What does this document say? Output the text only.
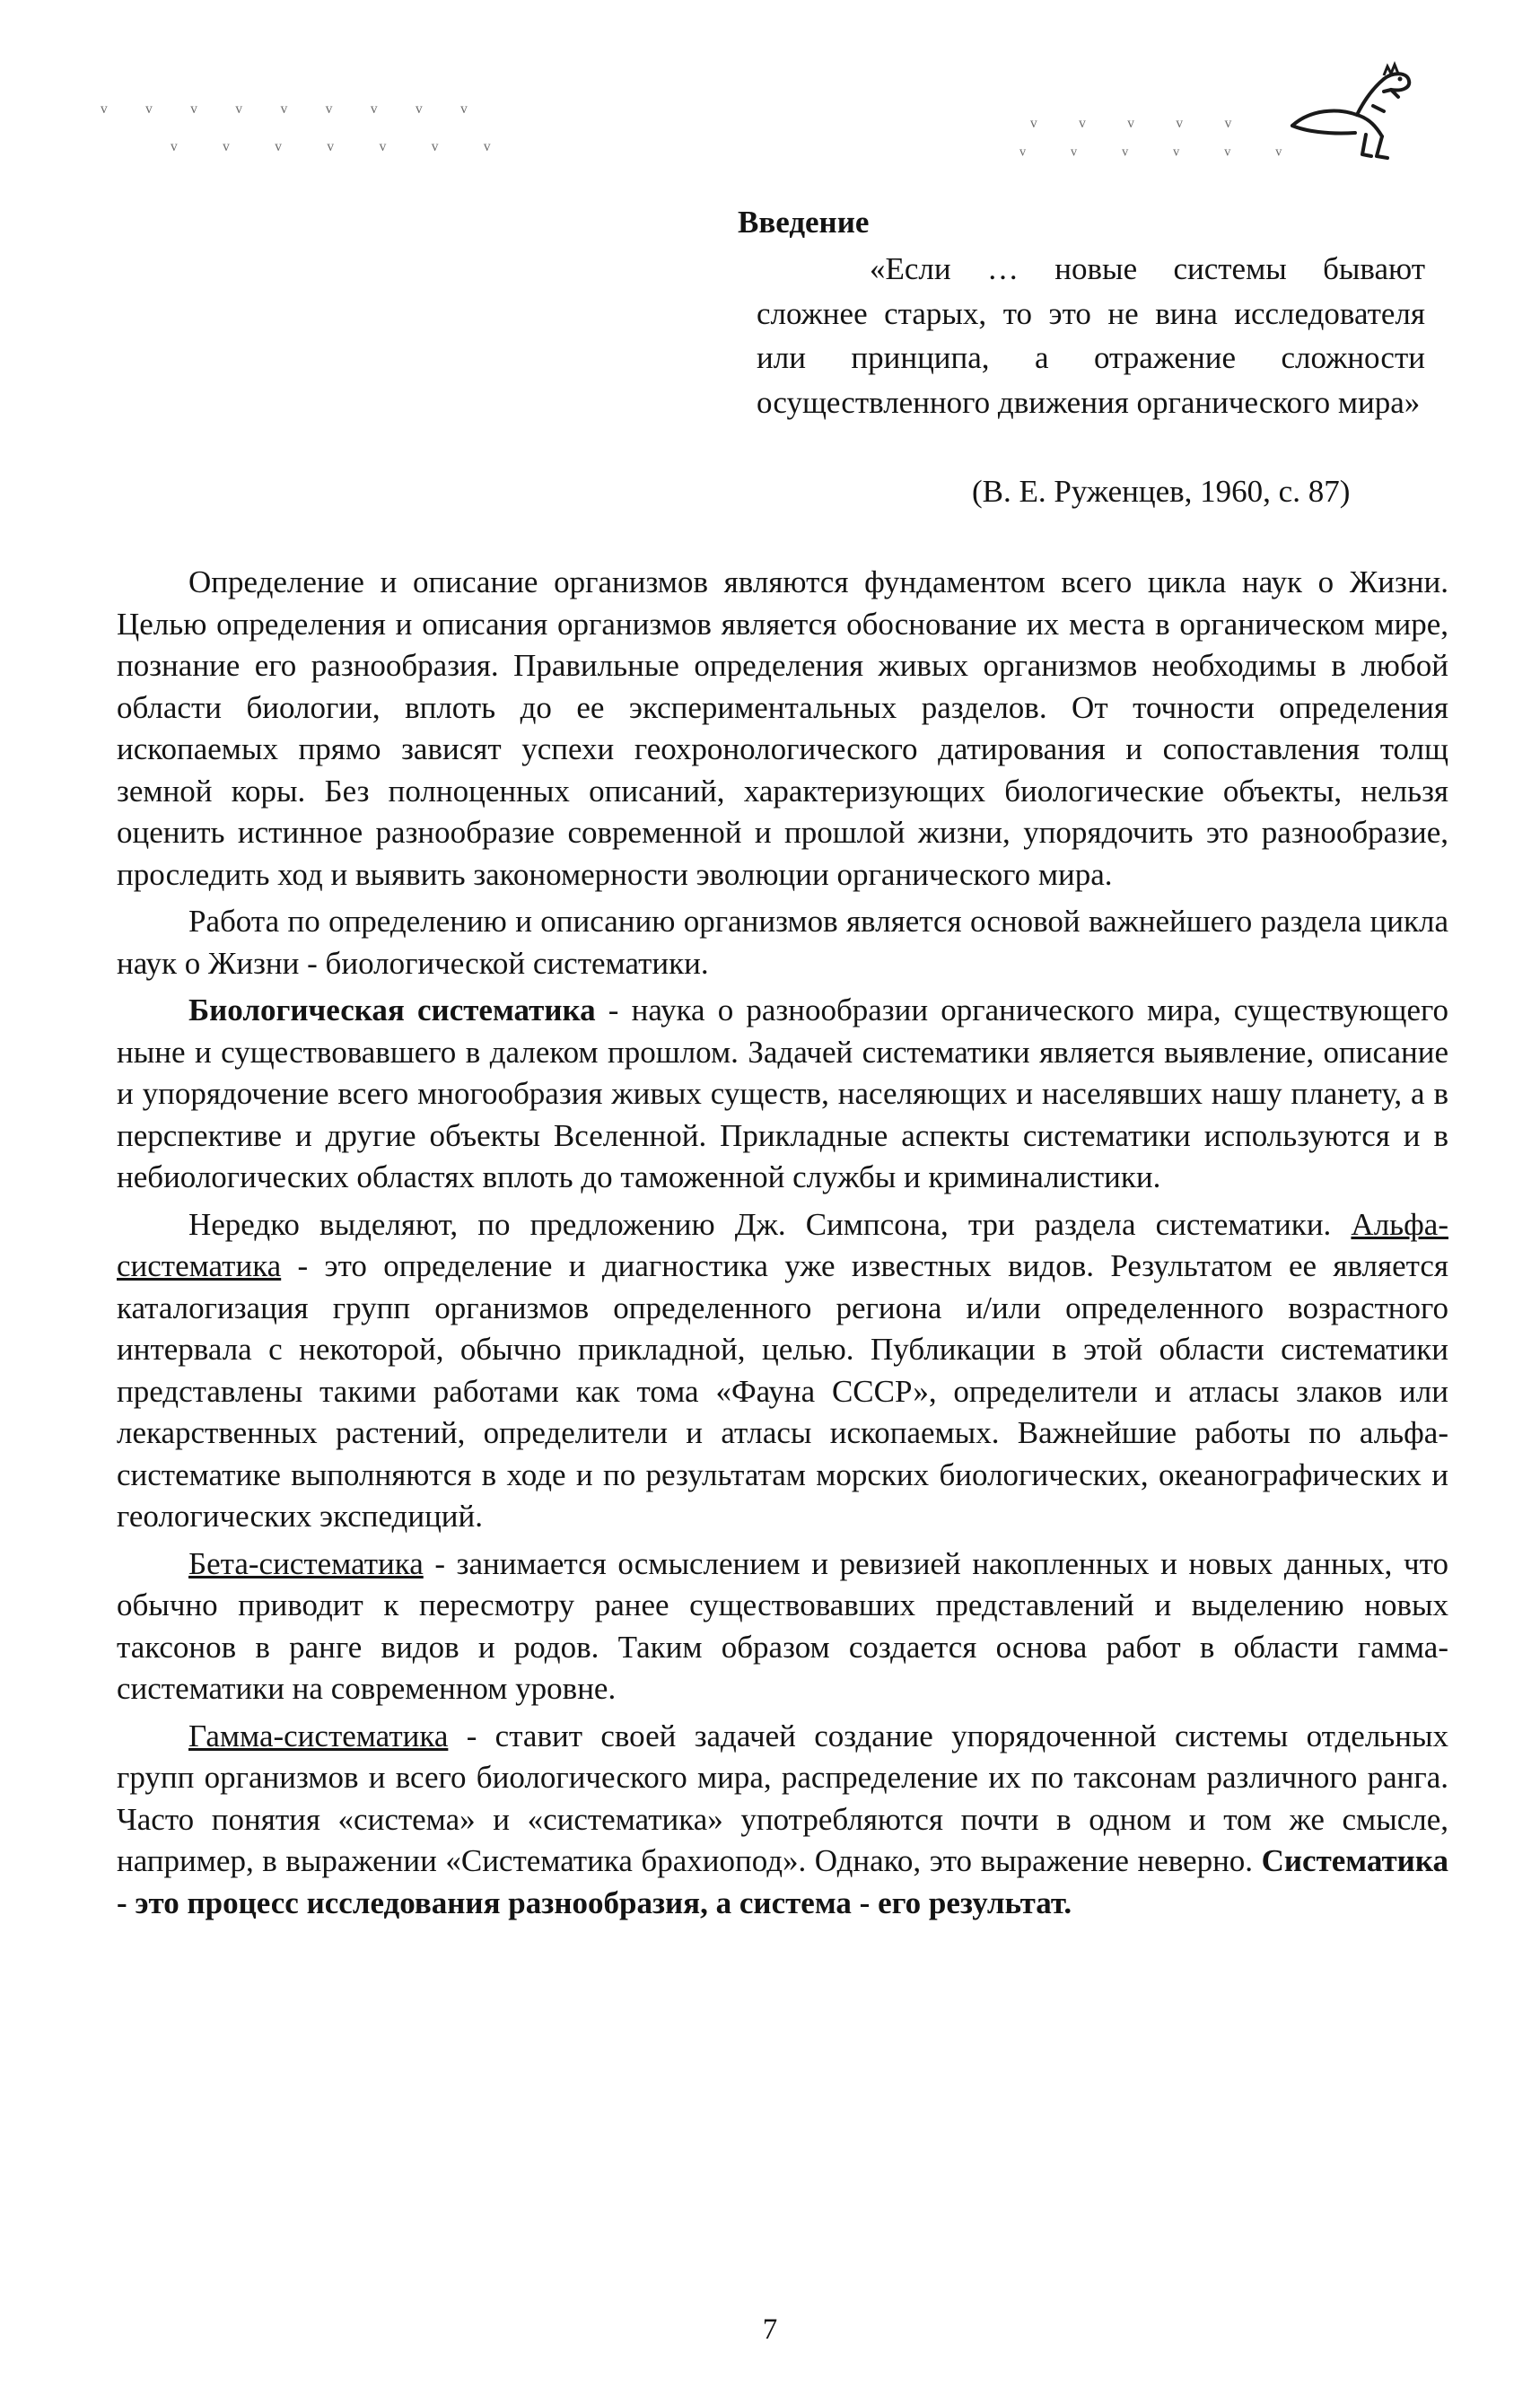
ᵛ ᵛ ᵛ ᵛ ᵛ ᵛ ᵛ ᵛ ᵛ
ᵛ ᵛ ᵛ ᵛ ᵛ ᵛ ᵛ
ᵛ ᵛ ᵛ ᵛ ᵛ
ᵛ ᵛ ᵛ ᵛ ᵛ ᵛ
Введение

«Если … новые системы бывают сложнее старых, то это не вина исследователя или принципа, а отражение сложности осуществленного движения органического мира»

(В. Е. Руженцев, 1960, с. 87)

Определение и описание организмов являются фундаментом всего цикла наук о Жизни. Целью определения и описания организмов является обоснование их места в органическом мире, познание его разнообразия. Правильные определения живых организмов необходимы в любой области биологии, вплоть до ее экспериментальных разделов. От точности определения ископаемых прямо зависят успехи геохронологического датирования и сопоставления толщ земной коры. Без полноценных описаний, характеризующих биологические объекты, нельзя оценить истинное разнообразие современной и прошлой жизни, упорядочить это разнообразие, проследить ход и выявить закономерности эволюции органического мира.

Работа по определению и описанию организмов является основой важнейшего раздела цикла наук о Жизни - биологической систематики.

Биологическая систематика - наука о разнообразии органического мира, существующего ныне и существовавшего в далеком прошлом. Задачей систематики является выявление, описание и упорядочение всего многообразия живых существ, населяющих и населявших нашу планету, а в перспективе и другие объекты Вселенной. Прикладные аспекты систематики используются и в небиологических областях вплоть до таможенной службы и криминалистики.

Нередко выделяют, по предложению Дж. Симпсона, три раздела систематики. Альфа-систематика - это определение и диагностика уже известных видов. Результатом ее является каталогизация групп организмов определенного региона и/или определенного возрастного интервала с некоторой, обычно прикладной, целью. Публикации в этой области систематики представлены такими работами как тома «Фауна СССР», определители и атласы злаков или лекарственных растений, определители и атласы ископаемых. Важнейшие работы по альфа-систематике выполняются в ходе и по результатам морских биологических, океанографических и геологических экспедиций.

Бета-систематика - занимается осмыслением и ревизией накопленных и новых данных, что обычно приводит к пересмотру ранее существовавших представлений и выделению новых таксонов в ранге видов и родов. Таким образом создается основа работ в области гамма-систематики на современном уровне.

Гамма-систематика - ставит своей задачей создание упорядоченной системы отдельных групп организмов и всего биологического мира, распределение их по таксонам различного ранга. Часто понятия «система» и «систематика» употребляются почти в одном и том же смысле, например, в выражении «Систематика брахиопод». Однако, это выражение неверно. Систематика - это процесс исследования разнообразия, а система - его результат.

7
